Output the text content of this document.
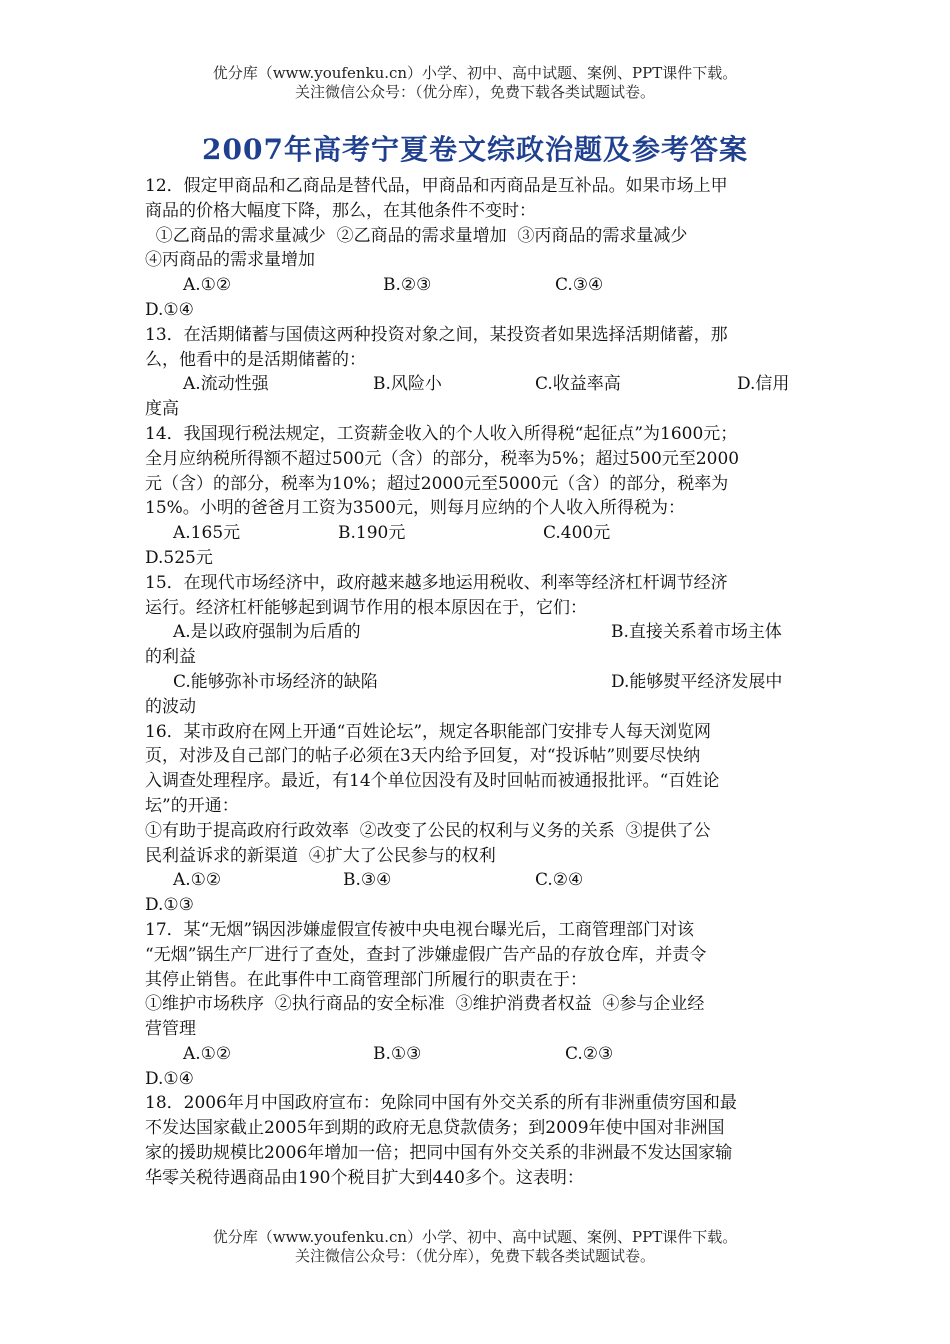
优分库（www.youfenku.cn）小学、初中、高中试题、案例、PPT课件下载。
关注微信公众号：（优分库），免费下载各类试题试卷。
2007年高考宁夏卷文综政治题及参考答案
12．假定甲商品和乙商品是替代品，甲商品和丙商品是互补品。如果市场上甲
商品的价格大幅度下降，那么，在其他条件不变时：
①乙商品的需求量减少  ②乙商品的需求量增加  ③丙商品的需求量减少
④丙商品的需求量增加
A.①②	B.②③	C.③④
D.①④
13．在活期储蓄与国债这两种投资对象之间，某投资者如果选择活期储蓄，那
么，他看中的是活期储蓄的：
A.流动性强	B.风险小	C.收益率高	D.信用
度高
14．我国现行税法规定，工资薪金收入的个人收入所得税“起征点”为1600元；
全月应纳税所得额不超过500元（含）的部分，税率为5%；超过500元至2000
元（含）的部分，税率为10%；超过2000元至5000元（含）的部分，税率为
15%。小明的爸爸月工资为3500元，则每月应纳的个人收入所得税为：
A.165元	B.190元	C.400元
D.525元
15．在现代市场经济中，政府越来越多地运用税收、利率等经济杠杆调节经济
运行。经济杠杆能够起到调节作用的根本原因在于，它们：
A.是以政府强制为后盾的	B.直接关系着市场主体
的利益
C.能够弥补市场经济的缺陷	D.能够熨平经济发展中
的波动
16．某市政府在网上开通“百姓论坛”，规定各职能部门安排专人每天浏览网
页，对涉及自己部门的帖子必须在3天内给予回复，对“投诉帖”则要尽快纳
入调查处理程序。最近，有14个单位因没有及时回帖而被通报批评。“百姓论
坛”的开通：
①有助于提高政府行政效率  ②改变了公民的权利与义务的关系  ③提供了公
民利益诉求的新渠道  ④扩大了公民参与的权利
A.①②	B.③④	C.②④
D.①③
17．某“无烟”锅因涉嫌虚假宣传被中央电视台曝光后，工商管理部门对该
“无烟”锅生产厂进行了查处，查封了涉嫌虚假广告产品的存放仓库，并责令
其停止销售。在此事件中工商管理部门所履行的职责在于：
①维护市场秩序  ②执行商品的安全标准  ③维护消费者权益  ④参与企业经
营管理
A.①②	B.①③	C.②③
D.①④
18．2006年月中国政府宣布：免除同中国有外交关系的所有非洲重债穷国和最
不发达国家截止2005年到期的政府无息贷款债务；到2009年使中国对非洲国
家的援助规模比2006年增加一倍；把同中国有外交关系的非洲最不发达国家输
华零关税待遇商品由190个税目扩大到440多个。这表明：
优分库（www.youfenku.cn）小学、初中、高中试题、案例、PPT课件下载。
关注微信公众号：（优分库），免费下载各类试题试卷。
